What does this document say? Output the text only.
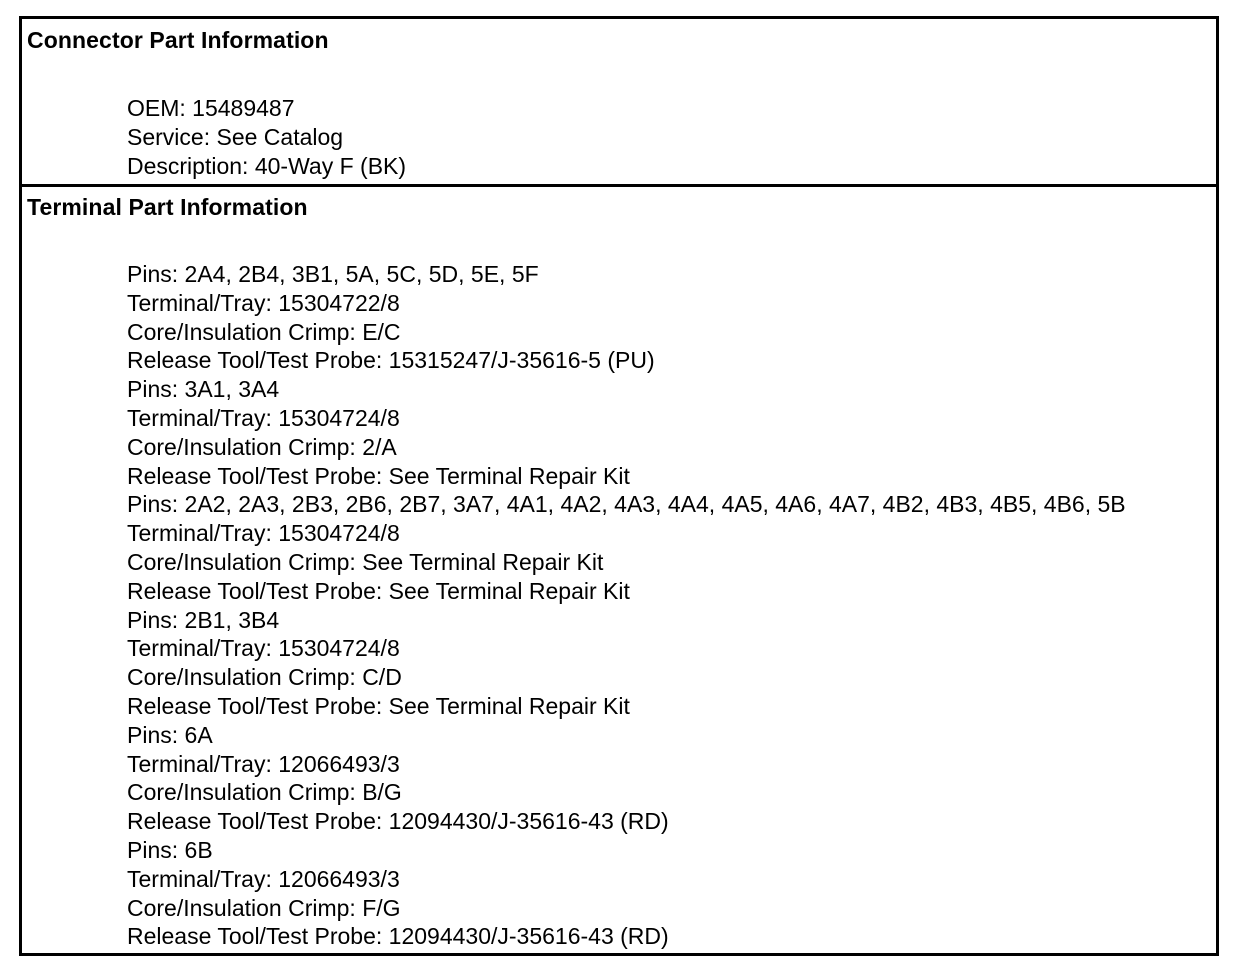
Connector Part Information
OEM: 15489487
Service: See Catalog
Description: 40-Way F (BK)
Terminal Part Information
Pins: 2A4, 2B4, 3B1, 5A, 5C, 5D, 5E, 5F
Terminal/Tray: 15304722/8
Core/Insulation Crimp: E/C
Release Tool/Test Probe: 15315247/J-35616-5 (PU)
Pins: 3A1, 3A4
Terminal/Tray: 15304724/8
Core/Insulation Crimp: 2/A
Release Tool/Test Probe: See Terminal Repair Kit
Pins: 2A2, 2A3, 2B3, 2B6, 2B7, 3A7, 4A1, 4A2, 4A3, 4A4, 4A5, 4A6, 4A7, 4B2, 4B3, 4B5, 4B6, 5B
Terminal/Tray: 15304724/8
Core/Insulation Crimp: See Terminal Repair Kit
Release Tool/Test Probe: See Terminal Repair Kit
Pins: 2B1, 3B4
Terminal/Tray: 15304724/8
Core/Insulation Crimp: C/D
Release Tool/Test Probe: See Terminal Repair Kit
Pins: 6A
Terminal/Tray: 12066493/3
Core/Insulation Crimp: B/G
Release Tool/Test Probe: 12094430/J-35616-43 (RD)
Pins: 6B
Terminal/Tray: 12066493/3
Core/Insulation Crimp: F/G
Release Tool/Test Probe: 12094430/J-35616-43 (RD)
